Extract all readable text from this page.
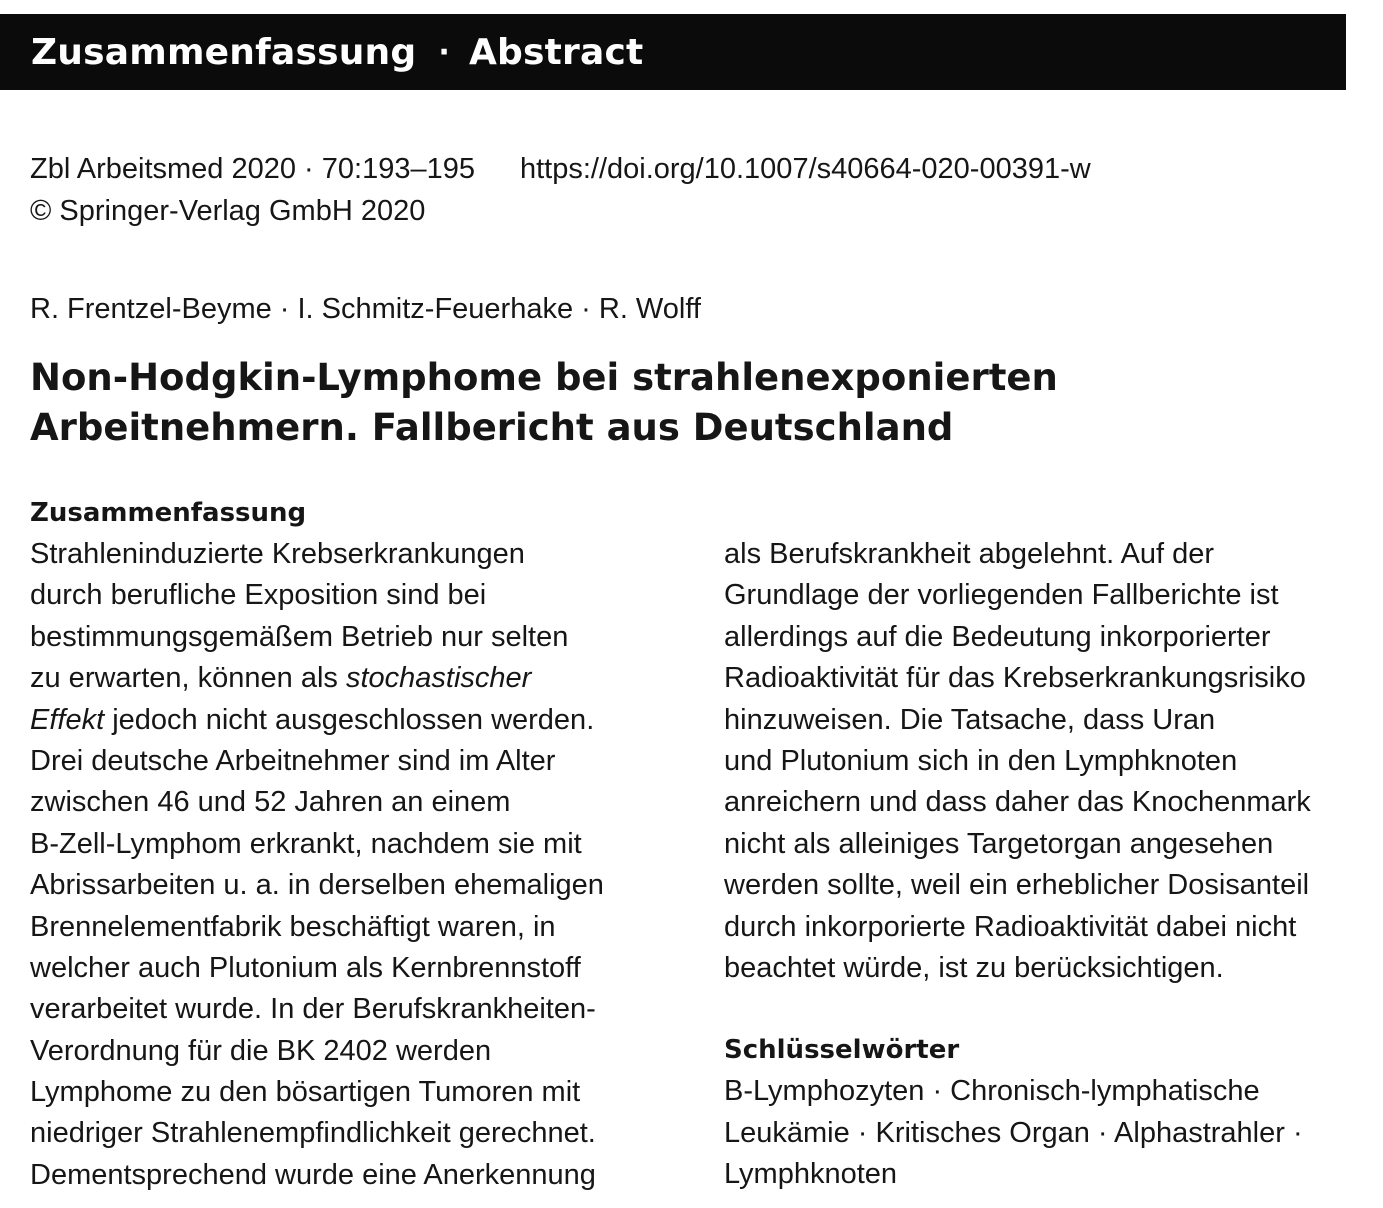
Zusammenfassung · Abstract
Zbl Arbeitsmed 2020 · 70:193–195 https://doi.org/10.1007/s40664-020-00391-w
© Springer-Verlag GmbH 2020
R. Frentzel-Beyme · I. Schmitz-Feuerhake · R. Wolff
Non-Hodgkin-Lymphome bei strahlenexponierten
Arbeitnehmern. Fallbericht aus Deutschland
Zusammenfassung
Strahleninduzierte Krebserkrankungen
durch berufliche Exposition sind bei
bestimmungsgemäßem Betrieb nur selten
zu erwarten, können als stochastischer
Effekt jedoch nicht ausgeschlossen werden.
Drei deutsche Arbeitnehmer sind im Alter
zwischen 46 und 52 Jahren an einem
B-Zell-Lymphom erkrankt, nachdem sie mit
Abrissarbeiten u. a. in derselben ehemaligen
Brennelementfabrik beschäftigt waren, in
welcher auch Plutonium als Kernbrennstoff
verarbeitet wurde. In der Berufskrankheiten-
Verordnung für die BK 2402 werden
Lymphome zu den bösartigen Tumoren mit
niedriger Strahlenempfindlichkeit gerechnet.
Dementsprechend wurde eine Anerkennung
als Berufskrankheit abgelehnt. Auf der
Grundlage der vorliegenden Fallberichte ist
allerdings auf die Bedeutung inkorporierter
Radioaktivität für das Krebserkrankungsrisiko
hinzuweisen. Die Tatsache, dass Uran
und Plutonium sich in den Lymphknoten
anreichern und dass daher das Knochenmark
nicht als alleiniges Targetorgan angesehen
werden sollte, weil ein erheblicher Dosisanteil
durch inkorporierte Radioaktivität dabei nicht
beachtet würde, ist zu berücksichtigen.
Schlüsselwörter
B-Lymphozyten · Chronisch-lymphatische
Leukämie · Kritisches Organ · Alphastrahler ·
Lymphknoten
